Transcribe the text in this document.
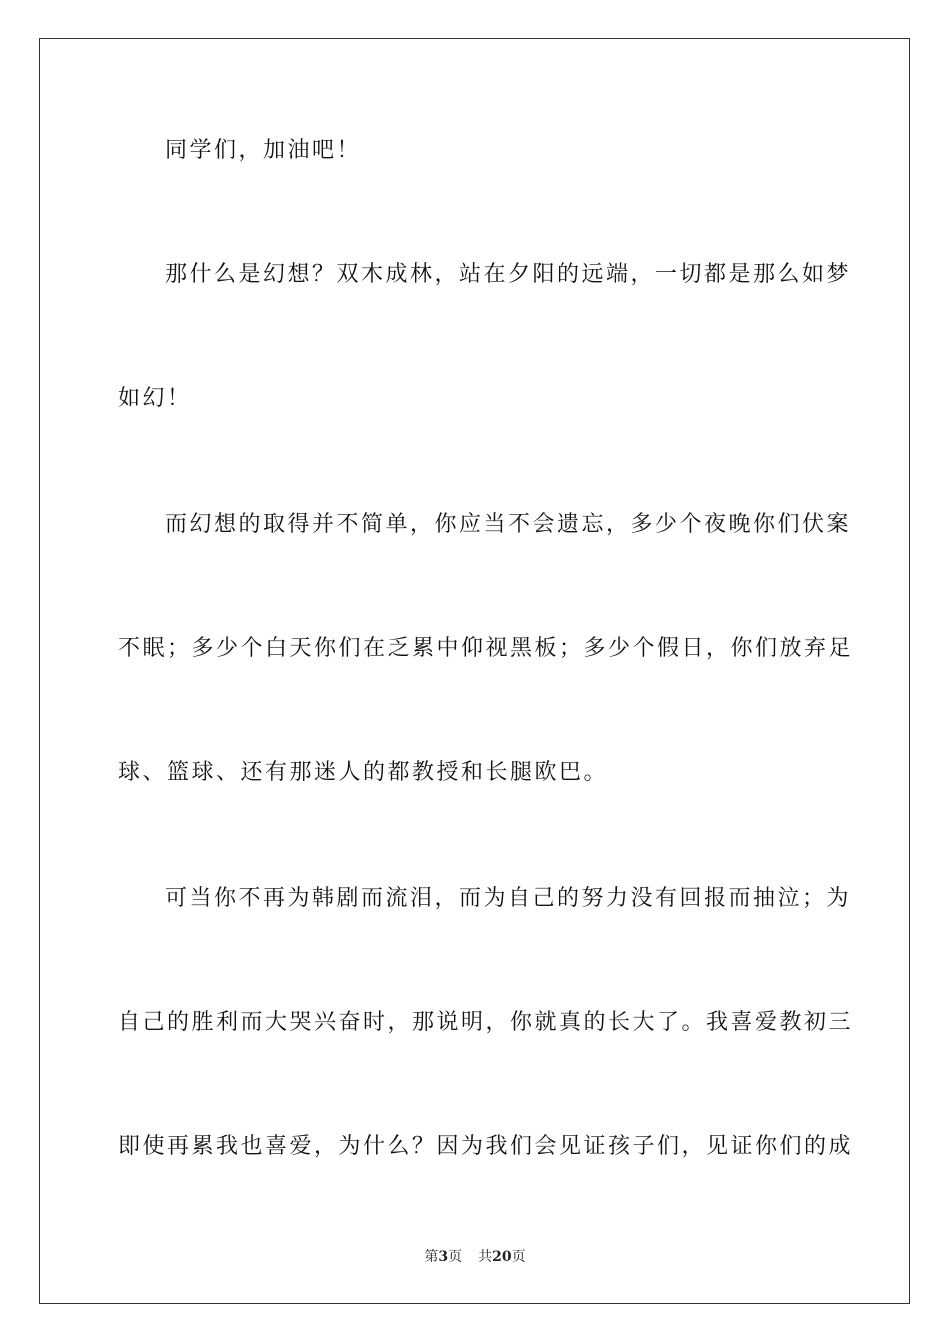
同学们，加油吧！
那什么是幻想？双木成林，站在夕阳的远端，一切都是那么如梦
如幻！
而幻想的取得并不简单，你应当不会遗忘，多少个夜晚你们伏案
不眠；多少个白天你们在乏累中仰视黑板；多少个假日，你们放弃足
球、篮球、还有那迷人的都教授和长腿欧巴。
可当你不再为韩剧而流泪，而为自己的努力没有回报而抽泣；为
自己的胜利而大哭兴奋时，那说明，你就真的长大了。我喜爱教初三
即使再累我也喜爱，为什么？因为我们会见证孩子们，见证你们的成
第3页 共20页
